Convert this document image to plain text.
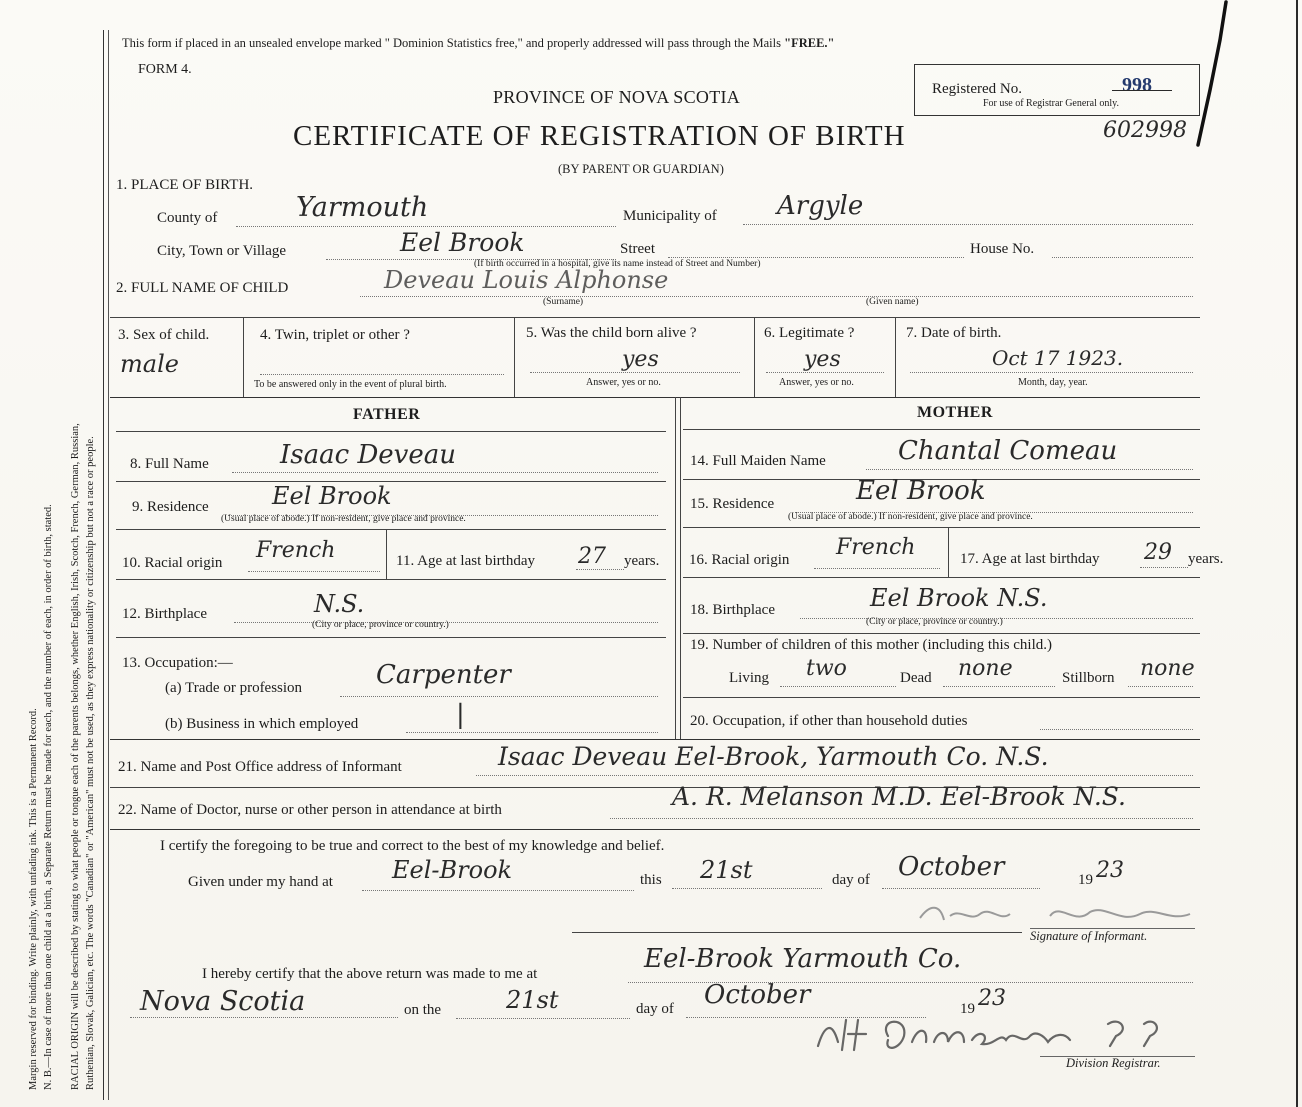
Margin reserved for binding. Write plainly, with unfading ink. This is a Permanent Record. N. B.—In case of more than one child at a birth, a Separate Return must be made for each, and the number of each, in order of birth, stated. RACIAL ORIGIN will be described by stating to what people or tongue each of the parents belongs, whether English, Irish, Scotch, French, German, Russian, Ruthenian, Slovak, Galician, etc. The words "Canadian" or "American" must not be used, as they express nationality or citizenship but not a race or people.
This form if placed in an unsealed envelope marked " Dominion Statistics free," and properly addressed will pass through the Mails "FREE."
FORM 4.
PROVINCE OF NOVA SCOTIA
CERTIFICATE OF REGISTRATION OF BIRTH
(BY PARENT OR GUARDIAN)
Registered No.	998
For use of Registrar General only.
602998
1. PLACE OF BIRTH.
County of	Yarmouth	Municipality of Argyle
City, Town or Village	Eel Brook	Street	House No.
(If birth occurred in a hospital, give its name instead of Street and Number)
2. FULL NAME OF CHILD	Deveau Louis Alphonse
(Surname)	(Given name)
3. Sex of child.
male
4. Twin, triplet or other ?
To be answered only in the event of plural birth.
5. Was the child born alive ?
yes
Answer, yes or no.
6. Legitimate ?
yes
Answer, yes or no.
7. Date of birth.
Oct 17 1923.
Month, day, year.
FATHER	MOTHER
8. Full Name	Isaac Deveau
9. Residence	Eel Brook
(Usual place of abode.) If non-resident, give place and province.
10. Racial origin French	11. Age at last birthday 27 years.
12. Birthplace	N.S.
(City or place, province or country.)
13. Occupation:—
(a) Trade or profession	Carpenter
(b) Business in which employed	|
14. Full Maiden Name	Chantal Comeau
15. Residence	Eel Brook
(Usual place of abode.) If non-resident, give place and province.
16. Racial origin French	17. Age at last birthday 29 years.
18. Birthplace	Eel Brook N.S.
(City or place, province or country.)
19. Number of children of this mother (including this child.)
Living two	Dead none	Stillborn none
20. Occupation, if other than household duties
21. Name and Post Office address of Informant	Isaac Deveau Eel-Brook, Yarmouth Co. N.S.
22. Name of Doctor, nurse or other person in attendance at birth	A. R. Melanson M.D. Eel-Brook N.S.
I certify the foregoing to be true and correct to the best of my knowledge and belief.
Given under my hand at Eel-Brook	this 21st	day of October	19 23
Signature of Informant.
I hereby certify that the above return was made to me at	Eel-Brook Yarmouth Co.
Nova Scotia	on the	21st	day of October	19 23
Division Registrar.
